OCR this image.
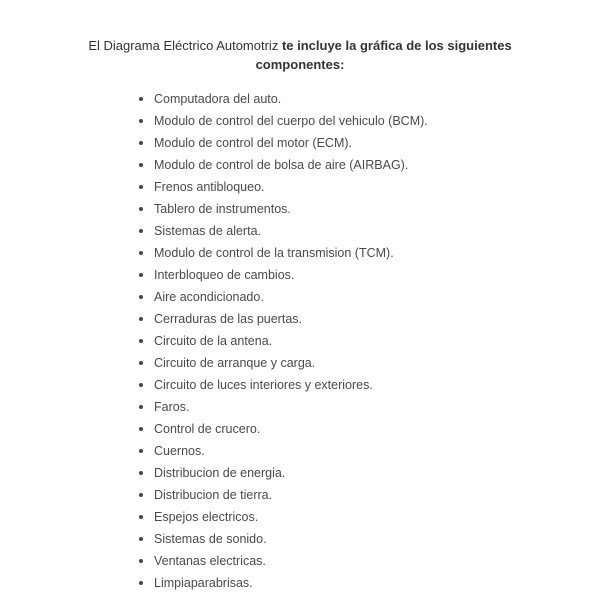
El Diagrama Eléctrico Automotriz te incluye la gráfica de los siguientes componentes:
Computadora del auto.
Modulo de control del cuerpo del vehiculo (BCM).
Modulo de control del motor (ECM).
Modulo de control de bolsa de aire (AIRBAG).
Frenos antibloqueo.
Tablero de instrumentos.
Sistemas de alerta.
Modulo de control de la transmision (TCM).
Interbloqueo de cambios.
Aire acondicionado.
Cerraduras de las puertas.
Circuito de la antena.
Circuito de arranque y carga.
Circuito de luces interiores y exteriores.
Faros.
Control de crucero.
Cuernos.
Distribucion de energia.
Distribucion de tierra.
Espejos electricos.
Sistemas de sonido.
Ventanas electricas.
Limpiaparabrisas.
